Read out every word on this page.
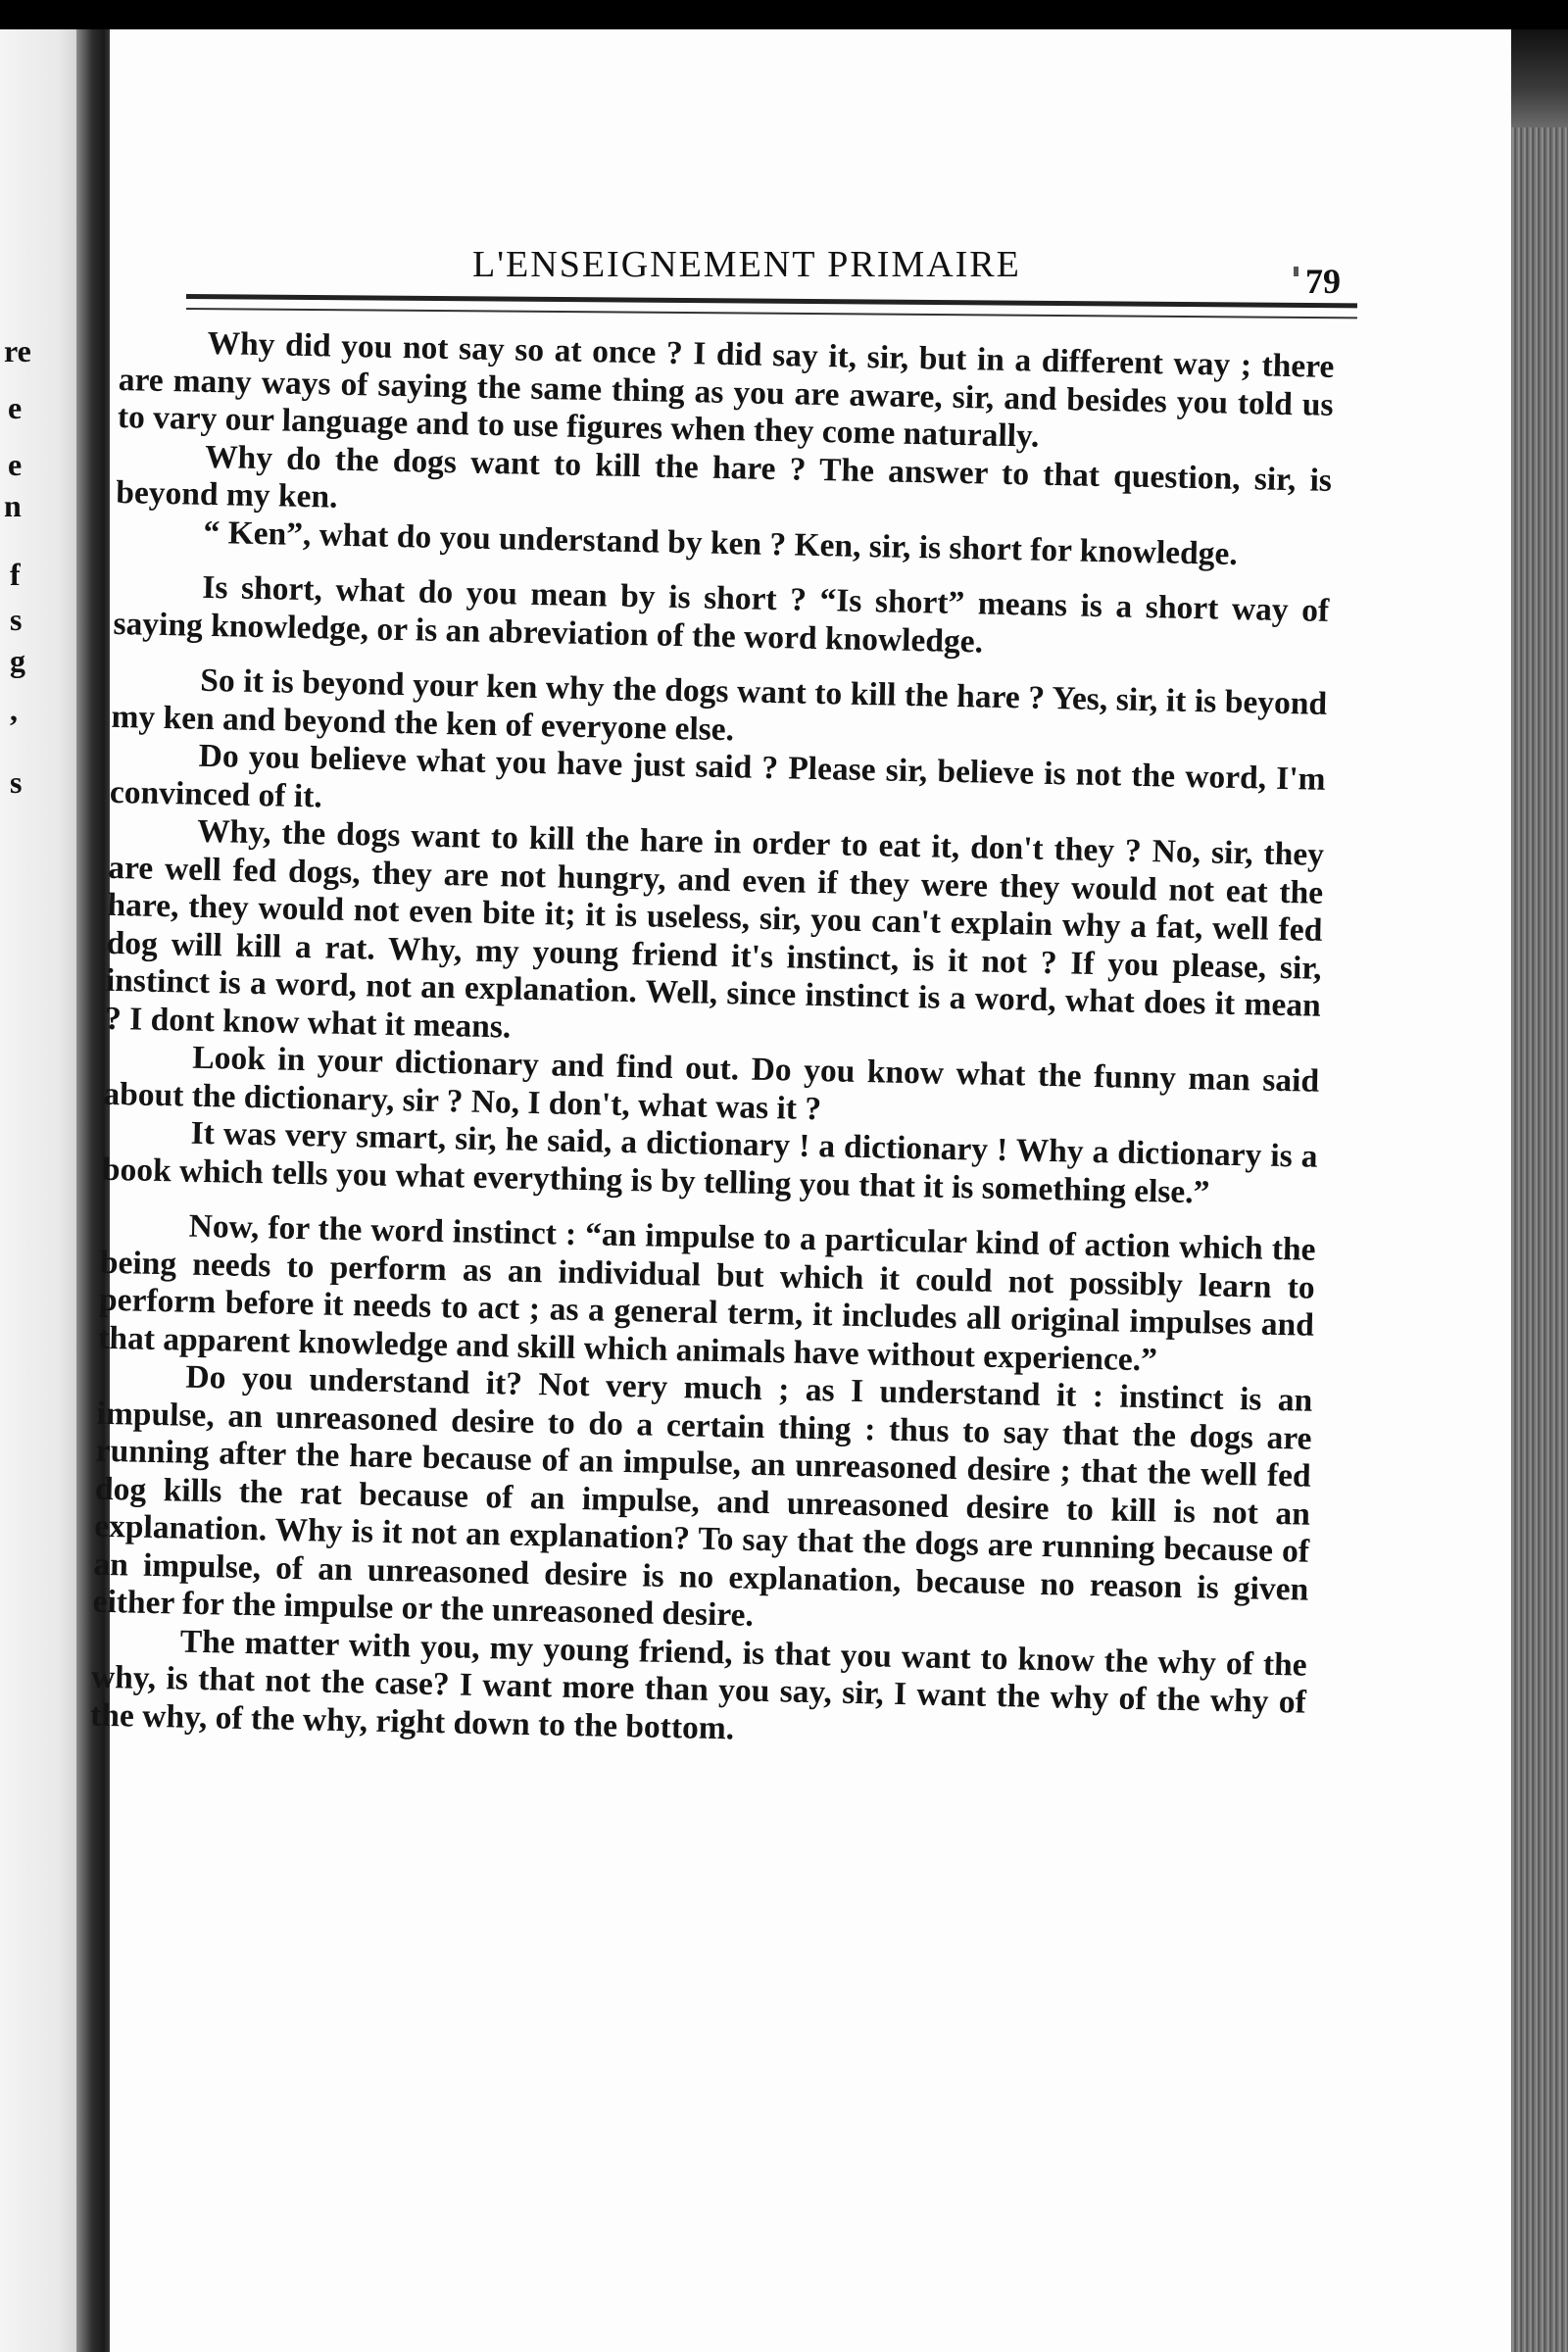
re
e
e
n
f
s
g
,
s
L'ENSEIGNEMENT PRIMAIRE	79

Why did you not say so at once ? I did say it, sir, but in a different way ; there are many ways of saying the same thing as you are aware, sir, and besides you told us to vary our language and to use figures when they come naturally.

Why do the dogs want to kill the hare ? The answer to that question, sir, is beyond my ken.

“ Ken”, what do you understand by ken ? Ken, sir, is short for knowledge.

Is short, what do you mean by is short ? “Is short” means is a short way of saying knowledge, or is an abreviation of the word knowledge.

So it is beyond your ken why the dogs want to kill the hare ? Yes, sir, it is beyond my ken and beyond the ken of everyone else.

Do you believe what you have just said ? Please sir, believe is not the word, I'm convinced of it.

Why, the dogs want to kill the hare in order to eat it, don't they ? No, sir, they are well fed dogs, they are not hungry, and even if they were they would not eat the hare, they would not even bite it; it is useless, sir, you can't explain why a fat, well fed dog will kill a rat. Why, my young friend it's instinct, is it not ? If you please, sir, instinct is a word, not an explanation. Well, since instinct is a word, what does it mean ? I dont know what it means.

Look in your dictionary and find out. Do you know what the funny man said about the dictionary, sir ? No, I don't, what was it ?

It was very smart, sir, he said, a dictionary ! a dictionary ! Why a dictionary is a book which tells you what everything is by telling you that it is something else.”

Now, for the word instinct : “an impulse to a particular kind of action which the being needs to perform as an individual but which it could not possibly learn to perform before it needs to act ; as a general term, it includes all original impulses and that apparent knowledge and skill which animals have without experience.”

Do you understand it? Not very much ; as I understand it : instinct is an impulse, an unreasoned desire to do a certain thing : thus to say that the dogs are running after the hare because of an impulse, an unreasoned desire ; that the well fed dog kills the rat because of an impulse, and unreasoned desire to kill is not an explanation. Why is it not an explanation? To say that the dogs are running because of an impulse, of an unreasoned desire is no explanation, because no reason is given either for the impulse or the unreasoned desire.

The matter with you, my young friend, is that you want to know the why of the why, is that not the case? I want more than you say, sir, I want the why of the why of the why, of the why, right down to the bottom.
